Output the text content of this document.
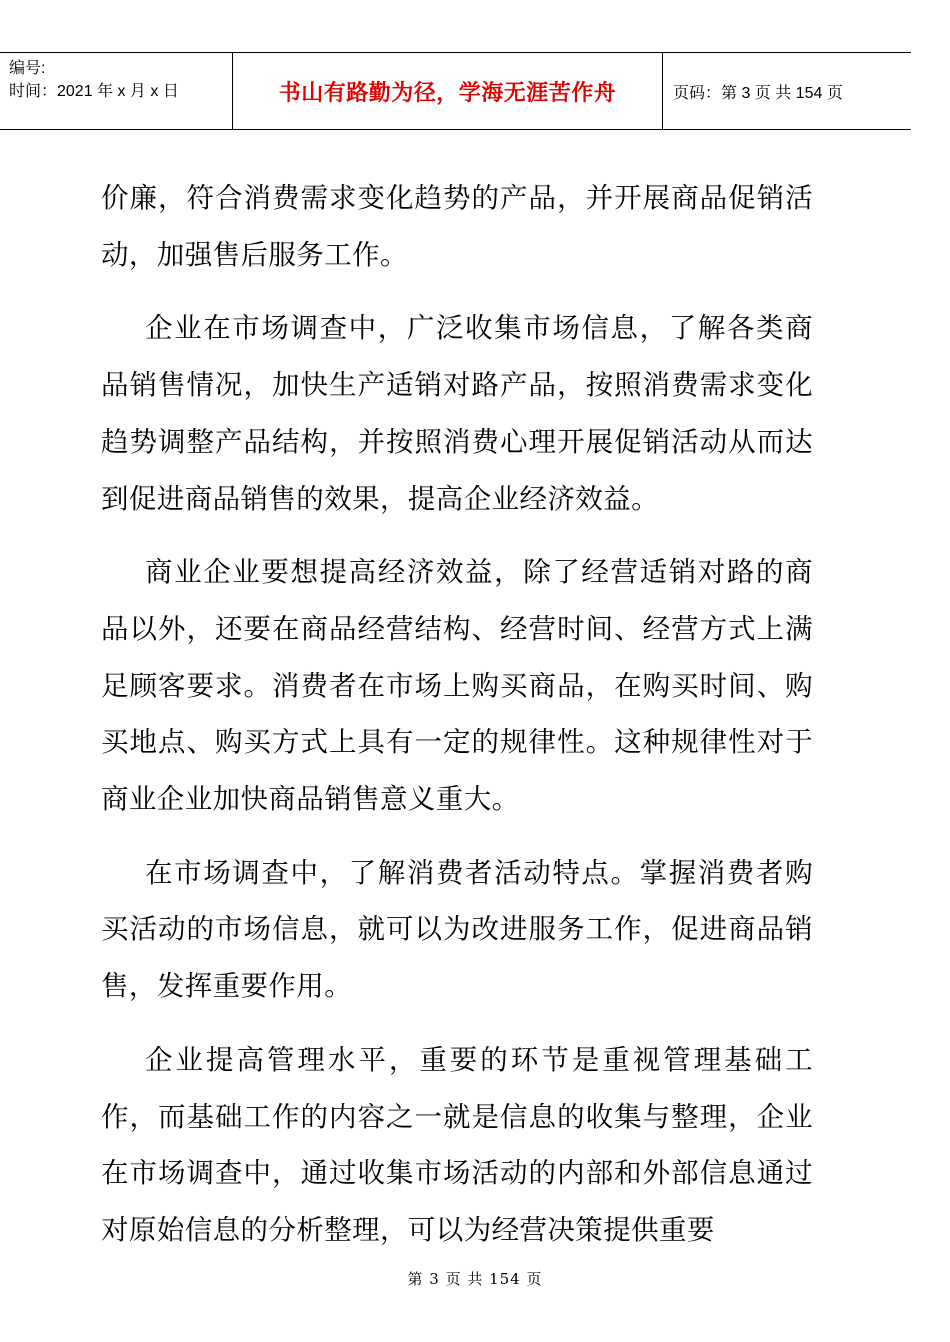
编号:
时间：2021 年 x 月 x 日	书山有路勤为径，学海无涯苦作舟	页码：第 3 页 共 154 页

价廉，符合消费需求变化趋势的产品，并开展商品促销活动，加强售后服务工作。

企业在市场调查中，广泛收集市场信息，了解各类商品销售情况，加快生产适销对路产品，按照消费需求变化趋势调整产品结构，并按照消费心理开展促销活动从而达到促进商品销售的效果，提高企业经济效益。

商业企业要想提高经济效益，除了经营适销对路的商品以外，还要在商品经营结构、经营时间、经营方式上满足顾客要求。消费者在市场上购买商品，在购买时间、购买地点、购买方式上具有一定的规律性。这种规律性对于商业企业加快商品销售意义重大。

在市场调查中，了解消费者活动特点。掌握消费者购买活动的市场信息，就可以为改进服务工作，促进商品销售，发挥重要作用。

企业提高管理水平，重要的环节是重视管理基础工作，而基础工作的内容之一就是信息的收集与整理，企业在市场调查中，通过收集市场活动的内部和外部信息通过对原始信息的分析整理，可以为经营决策提供重要

第 3 页 共 154 页
